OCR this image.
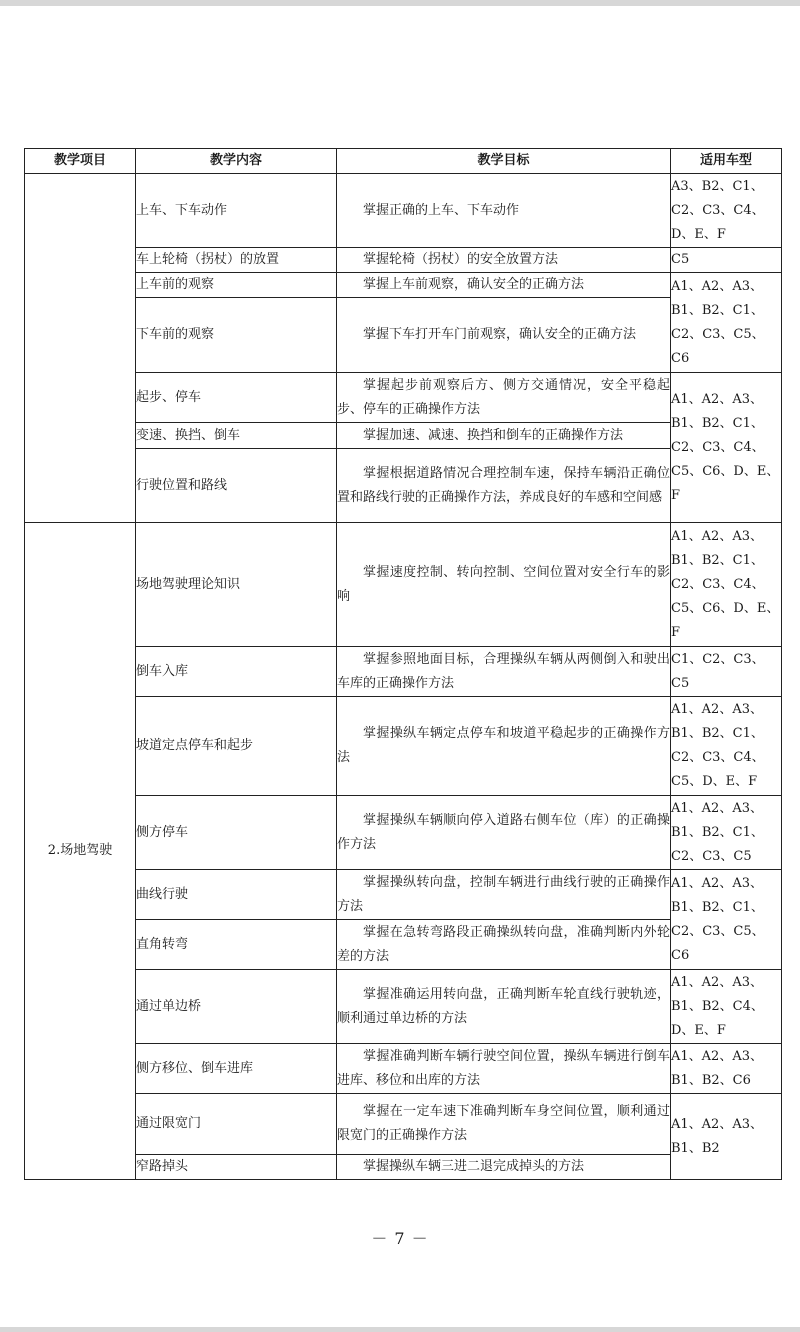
教学项目	教学内容	教学目标	适用车型
	上车、下车动作	掌握正确的上车、下车动作	A3、B2、C1、C2、C3、C4、D、E、F

	车上轮椅（拐杖）的放置	掌握轮椅（拐杖）的安全放置方法	C5

	上车前的观察	掌握上车前观察，确认安全的正确方法	A1、A2、A3、B1、B2、C1、C2、C3、C5、C6

	下车前的观察	掌握下车打开车门前观察，确认安全的正确方法	

	起步、停车	掌握起步前观察后方、侧方交通情况，安全平稳起步、停车的正确操作方法	A1、A2、A3、B1、B2、C1、C2、C3、C4、C5、C6、D、E、F

	变速、换挡、倒车	掌握加速、减速、换挡和倒车的正确操作方法	

	行驶位置和路线	掌握根据道路情况合理控制车速，保持车辆沿正确位置和路线行驶的正确操作方法，养成良好的车感和空间感	

2.场地驾驶	场地驾驶理论知识	掌握速度控制、转向控制、空间位置对安全行车的影响	A1、A2、A3、B1、B2、C1、C2、C3、C4、C5、C6、D、E、F

	倒车入库	掌握参照地面目标，合理操纵车辆从两侧倒入和驶出车库的正确操作方法	C1、C2、C3、C5

	坡道定点停车和起步	掌握操纵车辆定点停车和坡道平稳起步的正确操作方法	A1、A2、A3、B1、B2、C1、C2、C3、C4、C5、D、E、F

	侧方停车	掌握操纵车辆顺向停入道路右侧车位（库）的正确操作方法	A1、A2、A3、B1、B2、C1、C2、C3、C5

	曲线行驶	掌握操纵转向盘，控制车辆进行曲线行驶的正确操作方法	A1、A2、A3、B1、B2、C1、C2、C3、C5、C6

	直角转弯	掌握在急转弯路段正确操纵转向盘，准确判断内外轮差的方法	

	通过单边桥	掌握准确运用转向盘，正确判断车轮直线行驶轨迹，顺利通过单边桥的方法	A1、A2、A3、B1、B2、C4、D、E、F

	侧方移位、倒车进库	掌握准确判断车辆行驶空间位置，操纵车辆进行倒车进库、移位和出库的方法	A1、A2、A3、B1、B2、C6

	通过限宽门	掌握在一定车速下准确判断车身空间位置，顺利通过限宽门的正确操作方法	A1、A2、A3、B1、B2

	窄路掉头	掌握操纵车辆三进二退完成掉头的方法	
－ 7 －
